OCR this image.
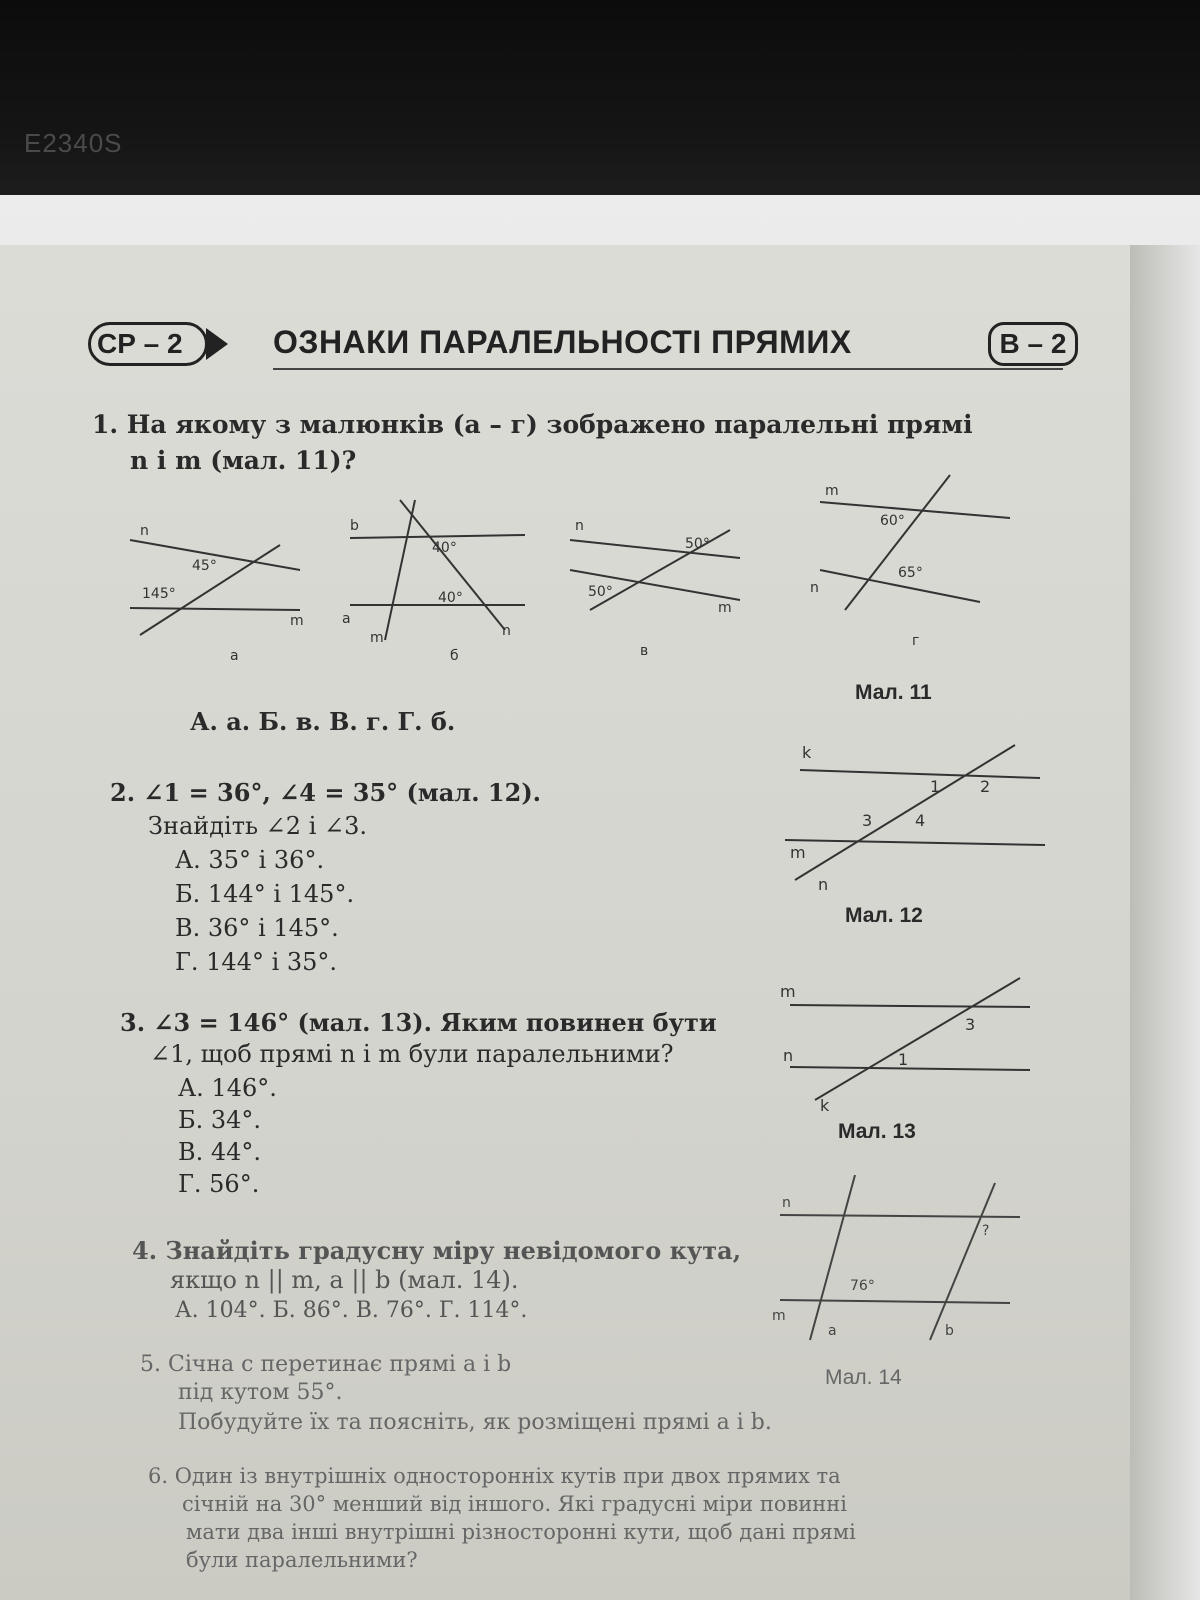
E2340S
СР – 2	ОЗНАКИ ПАРАЛЕЛЬНОСТІ ПРЯМИХ	В – 2
1. На якому з малюнків (а – г) зображено паралельні прямі
n і m (мал. 11)?
n
45°
145°
m
а
b
40°
40°
а
m	n
б
n
50°
50°
m
в
m
60°
65°
n
г
Мал. 11
А. а. Б. в. В. г. Г. б.
2. ∠1 = 36°, ∠4 = 35° (мал. 12).
Знайдіть ∠2 і ∠3.
А. 35° і 36°.
Б. 144° і 145°.
В. 36° і 145°.
Г. 144° і 35°.
k
1 2
3	4
m
n
Мал. 12
3. ∠3 = 146° (мал. 13). Яким повинен бути
∠1, щоб прямі n і m були паралельними?
А. 146°.
Б. 34°.
В. 44°.
Г. 56°.
m
3
n	1
k
Мал. 13
4. Знайдіть градусну міру невідомого кута,
якщо n || m, a || b (мал. 14).
А. 104°. Б. 86°. В. 76°. Г. 114°.
n
?
76°
m
a	b
Мал. 14
5. Січна c перетинає прямі a і b
під кутом 55°.
Побудуйте їх та поясніть, як розміщені прямі a і b.
6. Один із внутрішніх односторонніх кутів при двох прямих та
січній на 30° менший від іншого. Які градусні міри повинні
мати два інші внутрішні різносторонні кути, щоб дані прямі
були паралельними?
